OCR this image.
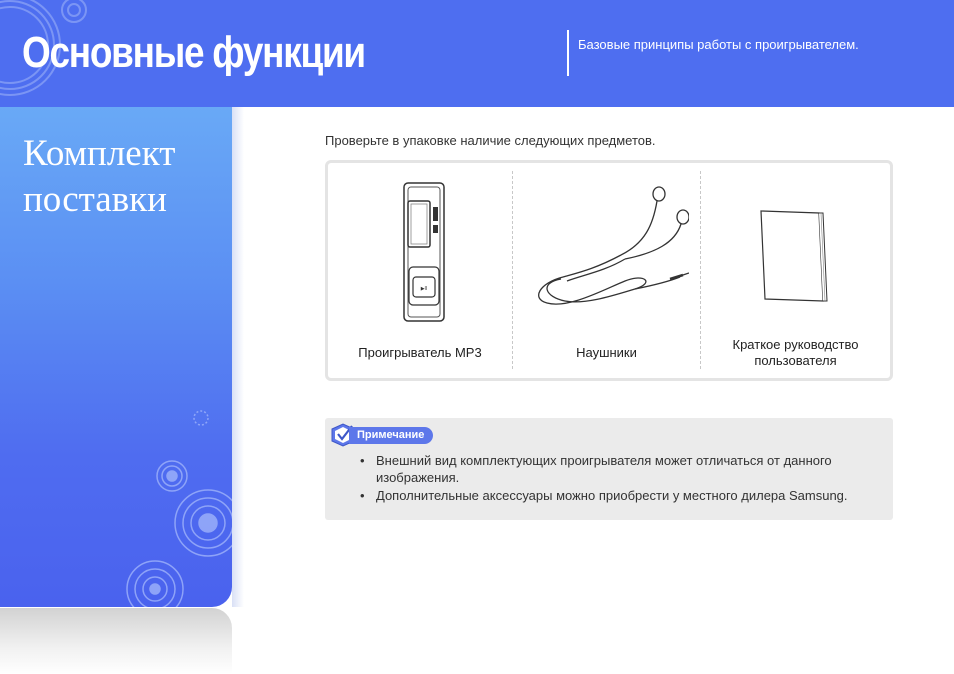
Основные функции	Базовые принципы работы с проигрывателем.
Комплект поставки
Проверьте в упаковке наличие следующих предметов.
▶II
Проигрыватель MP3	Наушники
Краткое руководство пользователя
Примечание
• Внешний вид комплектующих проигрывателя может отличаться от данного изображения.
• Дополнительные аксессуары можно приобрести у местного дилера Samsung.
